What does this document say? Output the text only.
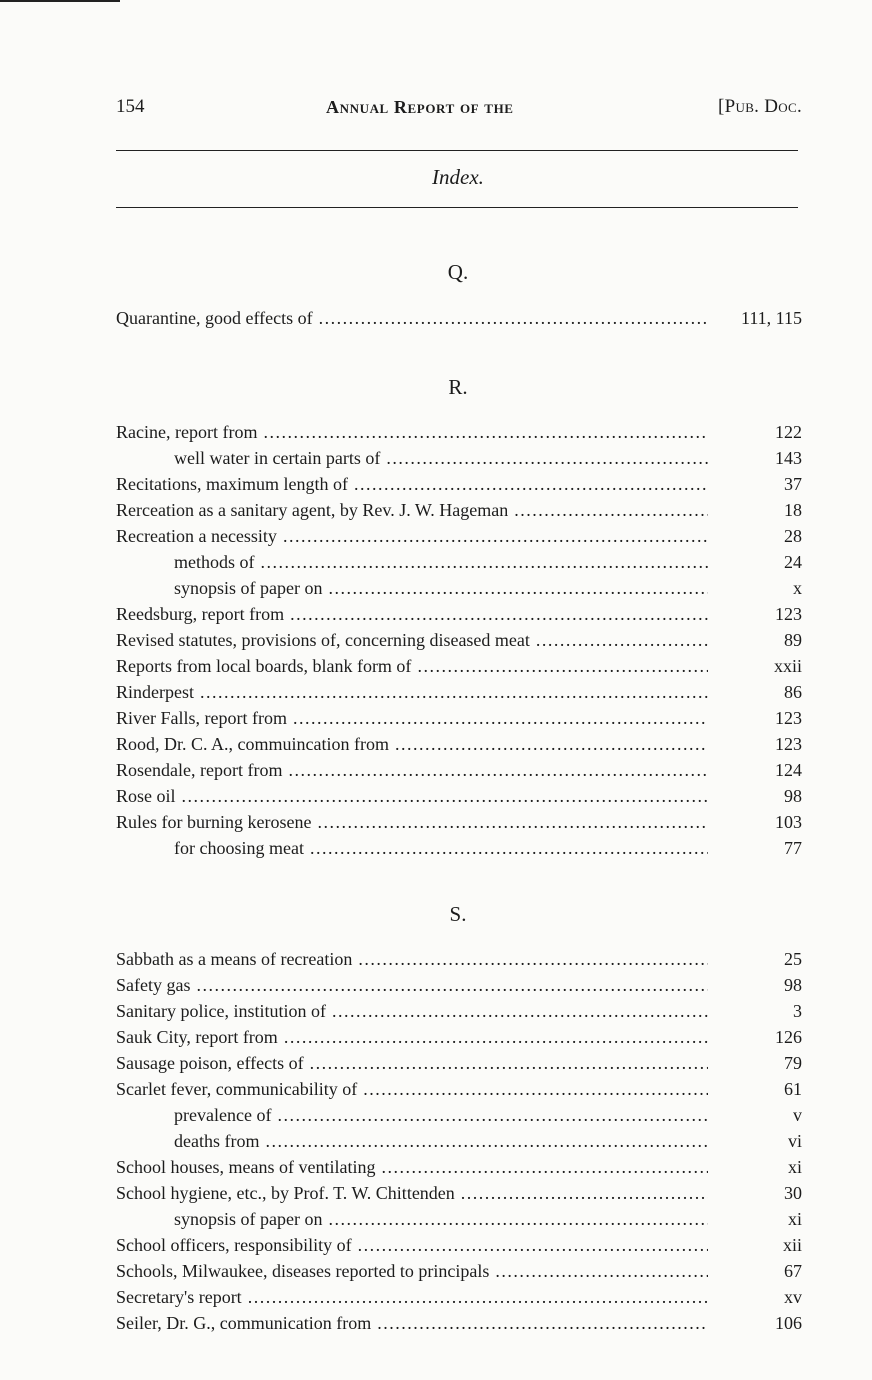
154	Annual Report of the	[Pub. Doc.
Index.
Q.
Quarantine, good effects of .....	111, 115
R.
Racine, report from .....	122
well water in certain parts of .....	143
Recitations, maximum length of .....	37
Rerceation as a sanitary agent, by Rev. J. W. Hageman .....	18
Recreation a necessity .....	28
methods of .....	24
synopsis of paper on .....	x
Reedsburg, report from .....	123
Revised statutes, provisions of, concerning diseased meat .....	89
Reports from local boards, blank form of .....	xxii
Rinderpest .....	86
River Falls, report from .....	123
Rood, Dr. C. A., commuincation from .....	123
Rosendale, report from .....	124
Rose oil .....	98
Rules for burning kerosene .....	103
for choosing meat .....	77
S.
Sabbath as a means of recreation .....	25
Safety gas .....	98
Sanitary police, institution of .....	3
Sauk City, report from .....	126
Sausage poison, effects of .....	79
Scarlet fever, communicability of .....	61
prevalence of .....	v
deaths from .....	vi
School houses, means of ventilating .....	xi
School hygiene, etc., by Prof. T. W. Chittenden .....	30
synopsis of paper on .....	xi
School officers, responsibility of .....	xii
Schools, Milwaukee, diseases reported to principals .....	67
Secretary's report .....	xv
Seiler, Dr. G., communication from .....	106
